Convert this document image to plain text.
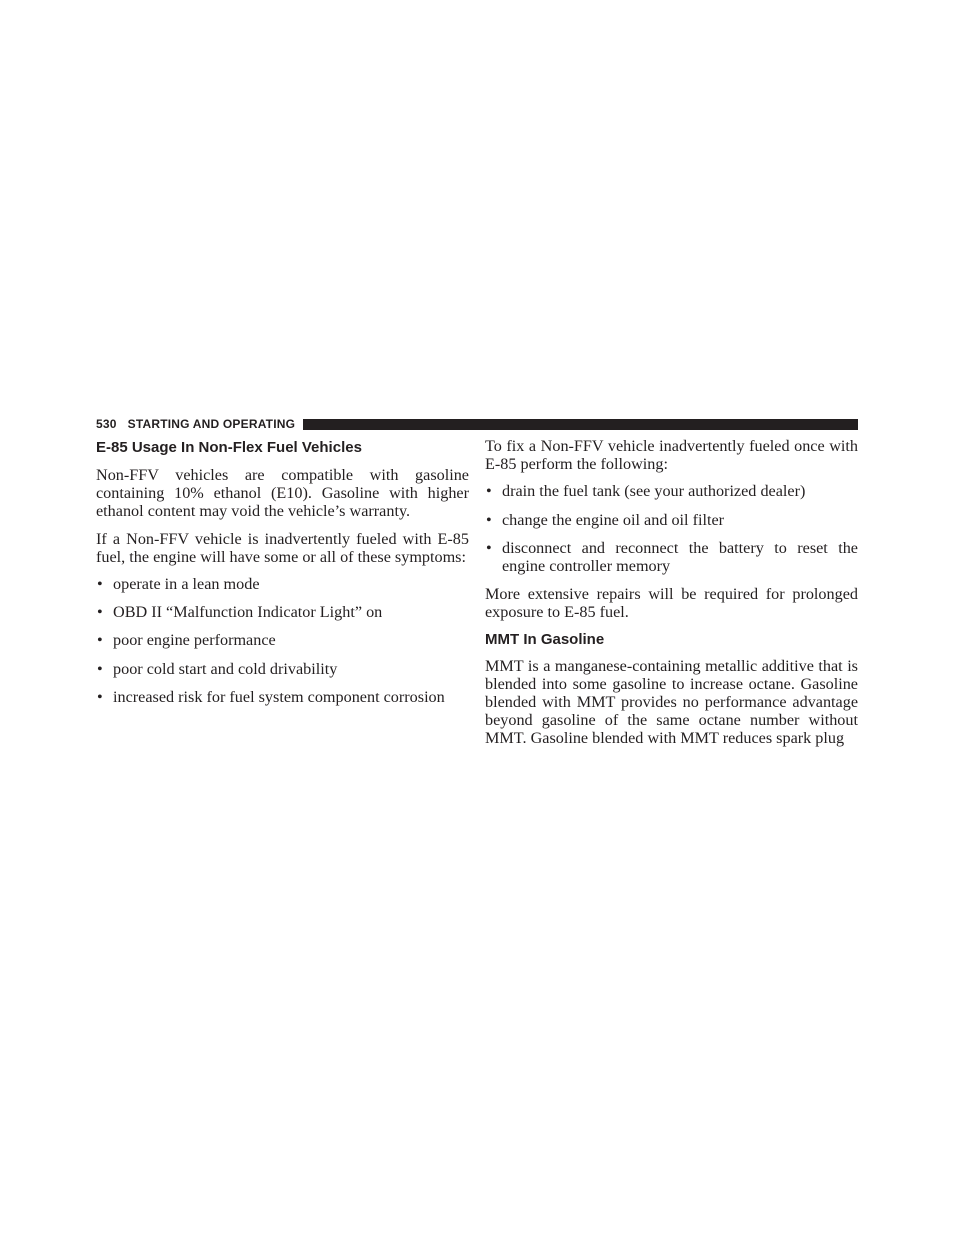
530 STARTING AND OPERATING
E-85 Usage In Non-Flex Fuel Vehicles

Non-FFV vehicles are compatible with gasoline containing 10% ethanol (E10). Gasoline with higher ethanol content may void the vehicle’s warranty.

If a Non-FFV vehicle is inadvertently fueled with E-85 fuel, the engine will have some or all of these symptoms:

• operate in a lean mode
• OBD II “Malfunction Indicator Light” on
• poor engine performance
• poor cold start and cold drivability
• increased risk for fuel system component corrosion

To fix a Non-FFV vehicle inadvertently fueled once with E-85 perform the following:

• drain the fuel tank (see your authorized dealer)
• change the engine oil and oil filter
• disconnect and reconnect the battery to reset the engine controller memory

More extensive repairs will be required for prolonged exposure to E-85 fuel.

MMT In Gasoline

MMT is a manganese-containing metallic additive that is blended into some gasoline to increase octane. Gasoline blended with MMT provides no performance advantage beyond gasoline of the same octane number without MMT. Gasoline blended with MMT reduces spark plug
